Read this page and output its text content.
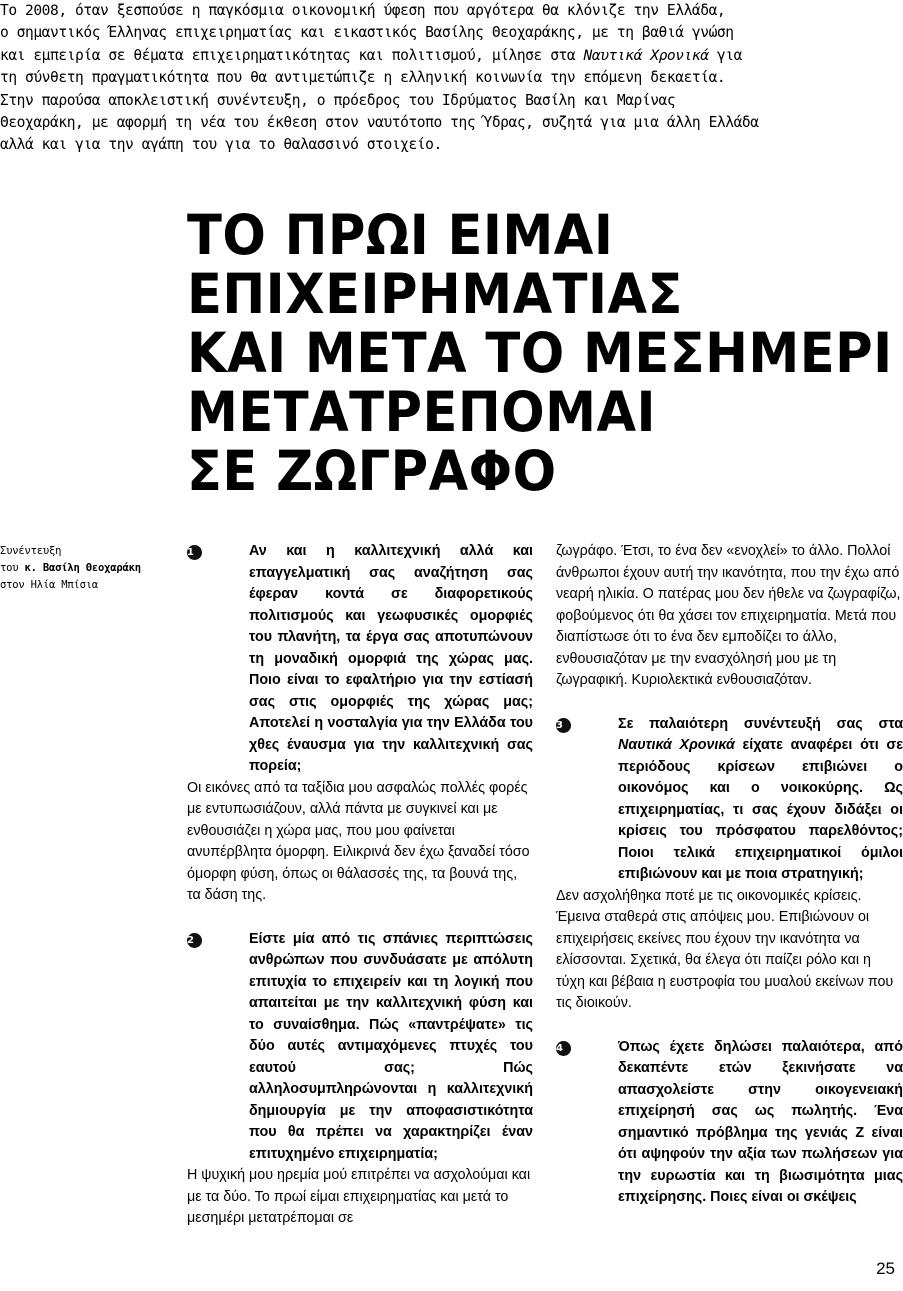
Το 2008, όταν ξεσπούσε η παγκόσμια οικονομική ύφεση που αργότερα θα κλόνιζε την Ελλάδα,

ο σημαντικός Έλληνας επιχειρηματίας και εικαστικός Βασίλης Θεοχαράκης, με τη βαθιά γνώση

και εμπειρία σε θέματα επιχειρηματικότητας και πολιτισμού, μίλησε στα Ναυτικά Χρονικά για

τη σύνθετη πραγματικότητα που θα αντιμετώπιζε η ελληνική κοινωνία την επόμενη δεκαετία.

Στην παρούσα αποκλειστική συνέντευξη, ο πρόεδρος του Ιδρύματος Βασίλη και Μαρίνας

Θεοχαράκη, με αφορμή τη νέα του έκθεση στον ναυτότοπο της Ύδρας, συζητά για μια άλλη Ελλάδα

αλλά και για την αγάπη του για το θαλασσινό στοιχείο.

ΤΟ ΠΡΩΙ ΕΙΜΑΙ
ΕΠΙΧΕΙΡΗΜΑΤΙΑΣ
ΚΑΙ ΜΕΤΑ ΤΟ ΜΕΣΗΜΕΡΙ
ΜΕΤΑΤΡΕΠΟΜΑΙ
ΣΕ ΖΩΓΡΑΦΟ
Συνέντευξη
του κ. Βασίλη Θεοχαράκη
στον Ηλία Μπίσια

1	Αν και η καλλιτεχνική αλλά και επαγγελματική σας αναζήτηση σας έφεραν κοντά σε διαφορετικούς πολιτισμούς και γεωφυσικές ομορφιές του πλανήτη, τα έργα σας αποτυπώνουν τη μοναδική ομορφιά της χώρας μας. Ποιο είναι το εφαλτήριο για την εστίασή σας στις ομορφιές της χώρας μας; Αποτελεί η νοσταλγία για την Ελλάδα του χθες έναυσμα για την καλλιτεχνική σας πορεία;

Οι εικόνες από τα ταξίδια μου ασφαλώς πολλές φορές με εντυπωσιάζουν, αλλά πάντα με συγκινεί και με ενθουσιάζει η χώρα μας, που μου φαίνεται ανυπέρβλητα όμορφη. Ειλικρινά δεν έχω ξαναδεί τόσο όμορφη φύση, όπως οι θάλασσές της, τα βουνά της, τα δάση της.

2	Είστε μία από τις σπάνιες περιπτώσεις ανθρώπων που συνδυάσατε με απόλυτη επιτυχία το επιχειρείν και τη λογική που απαιτείται με την καλλιτεχνική φύση και το συναίσθημα. Πώς «παντρέψατε» τις δύο αυτές αντιμαχόμενες πτυχές του εαυτού σας; Πώς αλληλοσυμπληρώνονται η καλλιτεχνική δημιουργία με την αποφασιστικότητα που θα πρέπει να χαρακτηρίζει έναν επιτυχημένο επιχειρηματία;

Η ψυχική μου ηρεμία μού επιτρέπει να ασχολούμαι και με τα δύο. Το πρωί είμαι επιχειρηματίας και μετά το μεσημέρι μετατρέπομαι σε

ζωγράφο. Έτσι, το ένα δεν «ενοχλεί» το άλλο. Πολλοί άνθρωποι έχουν αυτή την ικανότητα, που την έχω από νεαρή ηλικία. Ο πατέρας μου δεν ήθελε να ζωγραφίζω, φοβούμενος ότι θα χάσει τον επιχειρηματία. Μετά που διαπίστωσε ότι το ένα δεν εμποδίζει το άλλο, ενθουσιαζόταν με την ενασχόλησή μου με τη ζωγραφική. Κυριολεκτικά ενθουσιαζόταν.

3	Σε παλαιότερη συνέντευξή σας στα Ναυτικά Χρονικά είχατε αναφέρει ότι σε περιόδους κρίσεων επιβιώνει ο οικονόμος και ο νοικοκύρης. Ως επιχειρηματίας, τι σας έχουν διδάξει οι κρίσεις του πρόσφατου παρελθόντος; Ποιοι τελικά επιχειρηματικοί όμιλοι επιβιώνουν και με ποια στρατηγική;

Δεν ασχολήθηκα ποτέ με τις οικονομικές κρίσεις. Έμεινα σταθερά στις απόψεις μου. Επιβιώνουν οι επιχειρήσεις εκείνες που έχουν την ικανότητα να ελίσσονται. Σχετικά, θα έλεγα ότι παίζει ρόλο και η τύχη και βέβαια η ευστροφία του μυαλού εκείνων που τις διοικούν.

4	Όπως έχετε δηλώσει παλαιότερα, από δεκαπέντε ετών ξεκινήσατε να απασχολείστε στην οικογενειακή επιχείρησή σας ως πωλητής. Ένα σημαντικό πρόβλημα της γενιάς Ζ είναι ότι αψηφούν την αξία των πωλήσεων για την ευρωστία και τη βιωσιμότητα μιας επιχείρησης. Ποιες είναι οι σκέψεις

25
